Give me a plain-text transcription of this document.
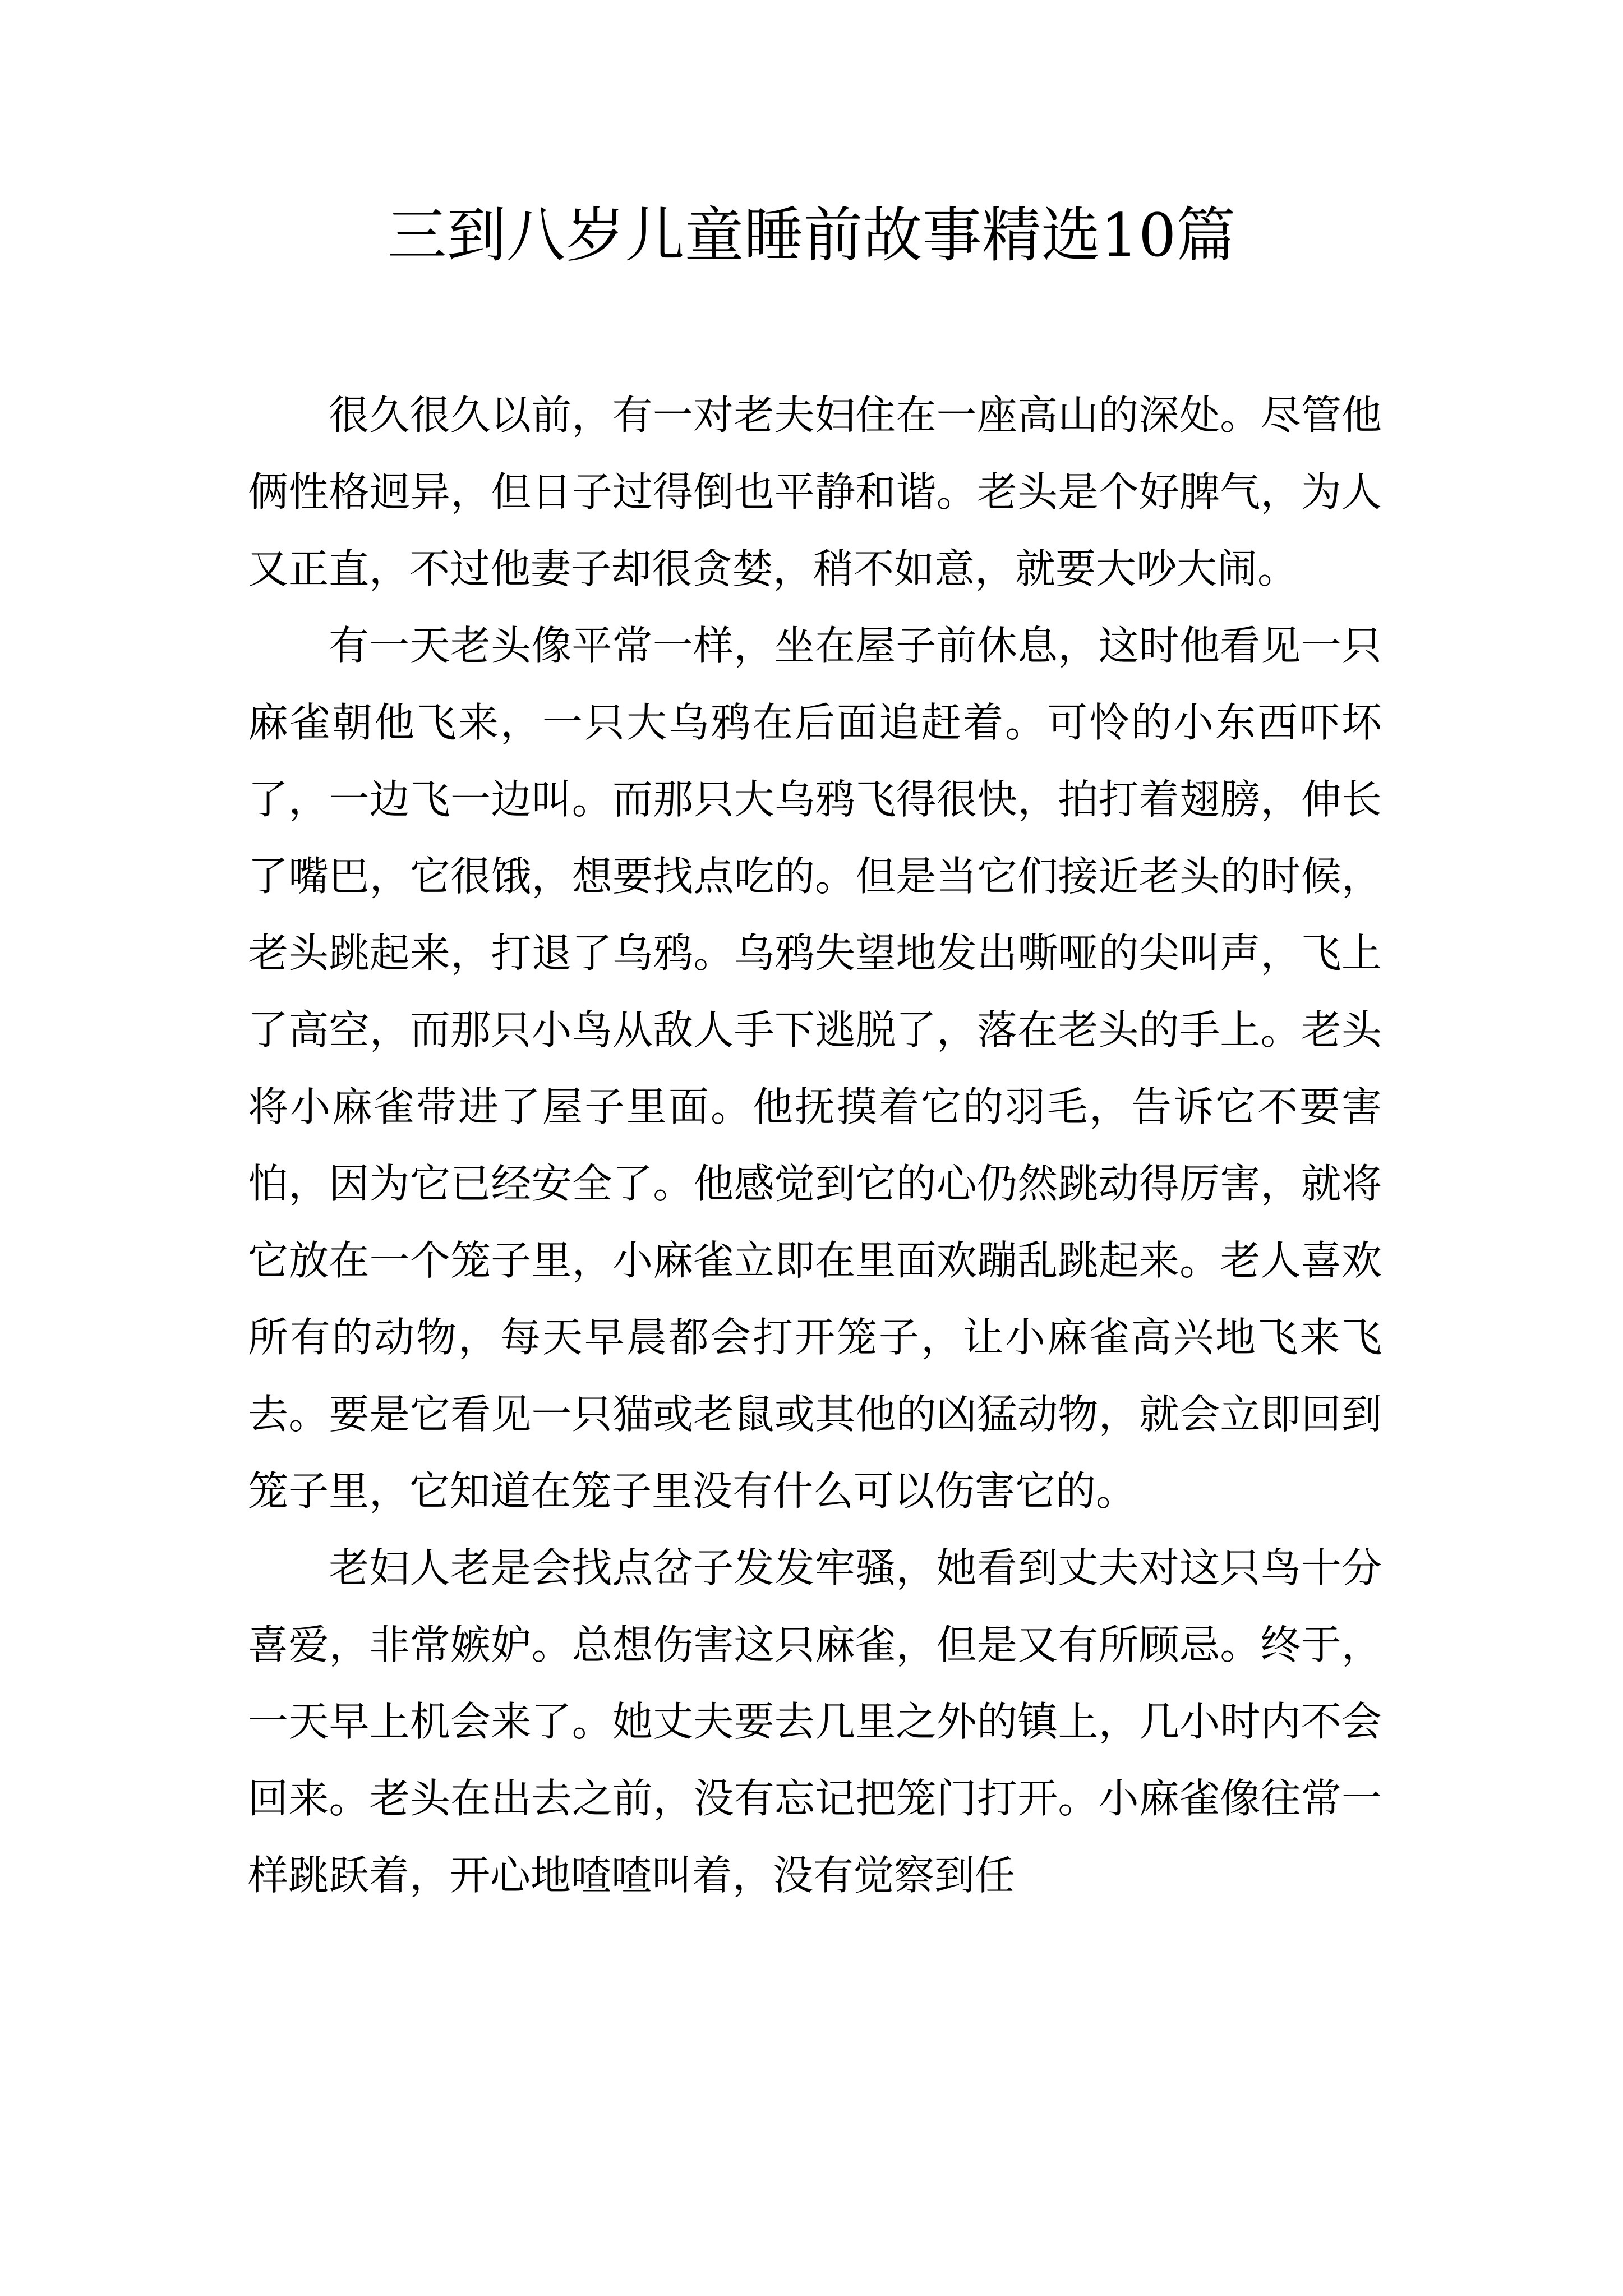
三到八岁儿童睡前故事精选10篇

很久很久以前，有一对老夫妇住在一座高山的深处。尽管他俩性格迥异，但日子过得倒也平静和谐。老头是个好脾气，为人又正直，不过他妻子却很贪婪，稍不如意，就要大吵大闹。

有一天老头像平常一样，坐在屋子前休息，这时他看见一只麻雀朝他飞来，一只大乌鸦在后面追赶着。可怜的小东西吓坏了，一边飞一边叫。而那只大乌鸦飞得很快，拍打着翅膀，伸长了嘴巴，它很饿，想要找点吃的。但是当它们接近老头的时候，老头跳起来，打退了乌鸦。乌鸦失望地发出嘶哑的尖叫声，飞上了高空，而那只小鸟从敌人手下逃脱了，落在老头的手上。老头将小麻雀带进了屋子里面。他抚摸着它的羽毛，告诉它不要害怕，因为它已经安全了。他感觉到它的心仍然跳动得厉害，就将它放在一个笼子里，小麻雀立即在里面欢蹦乱跳起来。老人喜欢所有的动物，每天早晨都会打开笼子，让小麻雀高兴地飞来飞去。要是它看见一只猫或老鼠或其他的凶猛动物，就会立即回到笼子里，它知道在笼子里没有什么可以伤害它的。

老妇人老是会找点岔子发发牢骚，她看到丈夫对这只鸟十分喜爱，非常嫉妒。总想伤害这只麻雀，但是又有所顾忌。终于，一天早上机会来了。她丈夫要去几里之外的镇上，几小时内不会回来。老头在出去之前，没有忘记把笼门打开。小麻雀像往常一样跳跃着，开心地喳喳叫着，没有觉察到任
